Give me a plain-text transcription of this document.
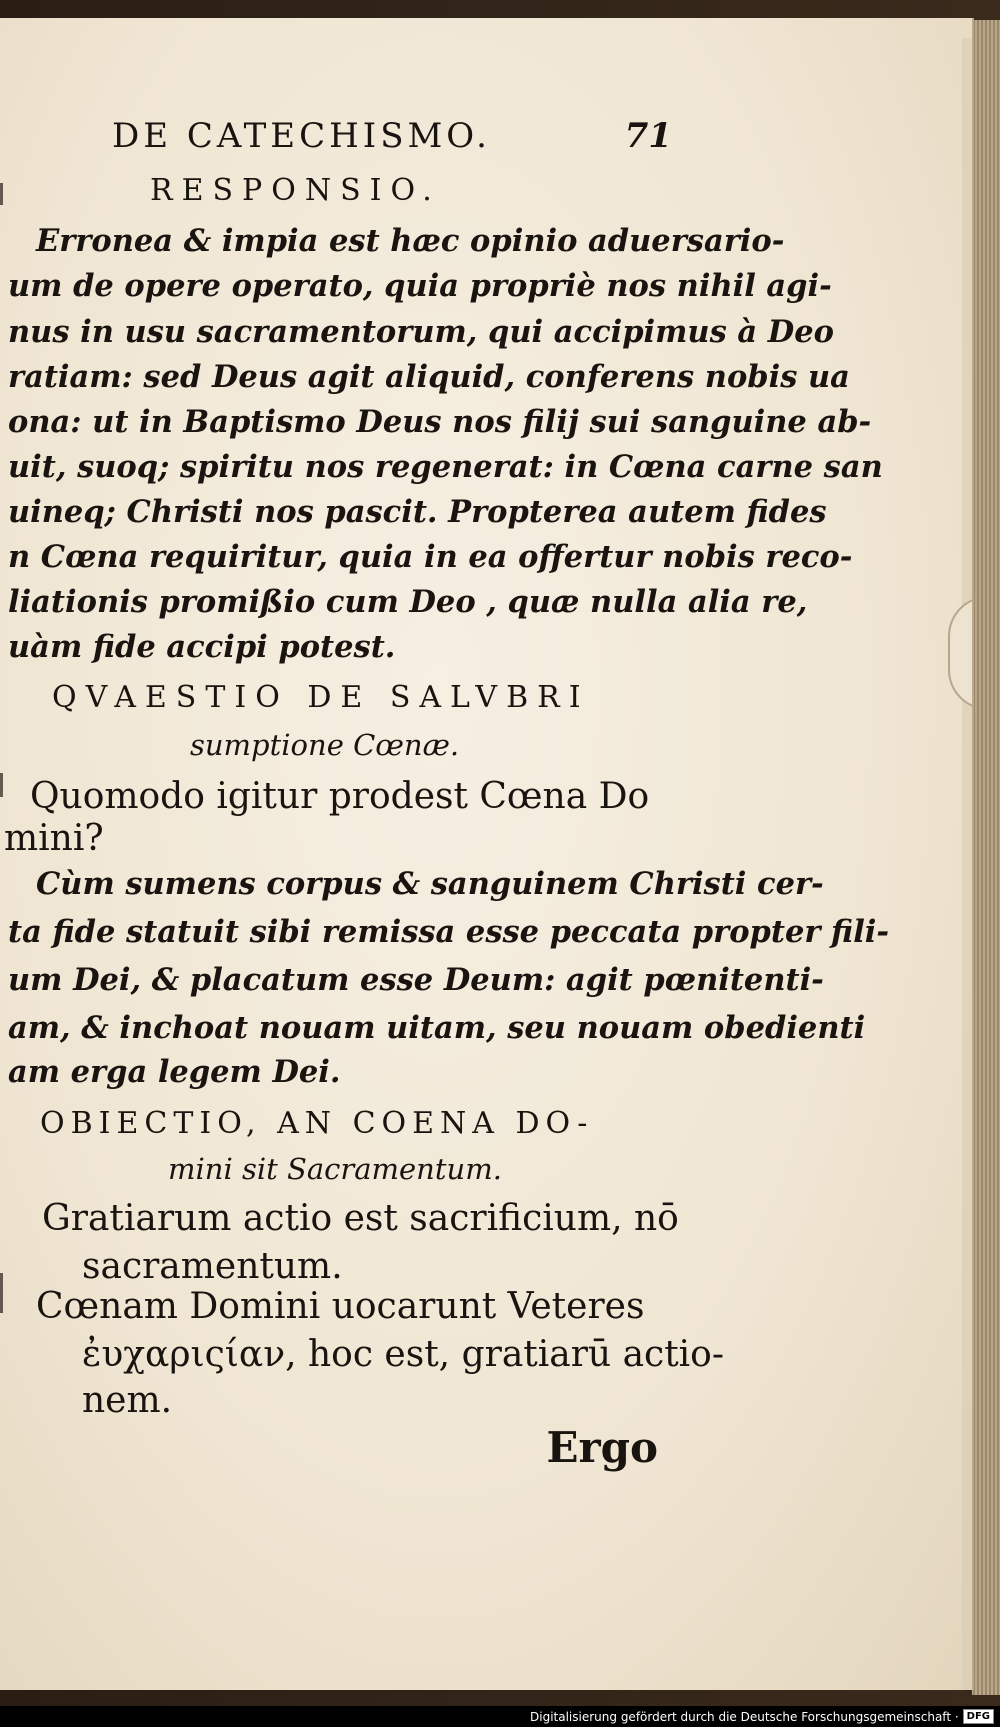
DE CATECHISMO.	71
RESPONSIO.
Erronea & impia est hæc opinio aduersario-
um de opere operato, quia propriè nos nihil agi-
nus in usu sacramentorum, qui accipimus à Deo
ratiam: sed Deus agit aliquid, conferens nobis ua
ona: ut in Baptismo Deus nos filij sui sanguine ab-
uit, suoq; spiritu nos regenerat: in Cœna carne san
uineq; Christi nos pascit. Propterea autem fides
n Cœna requiritur, quia in ea offertur nobis reco-
liationis promißio cum Deo , quæ nulla alia re,
uàm fide accipi potest.
QVAESTIO DE SALVBRI
sumptione Cœnæ.
Quomodo igitur prodest Cœna Do
mini?
Cùm sumens corpus & sanguinem Christi cer-
ta fide statuit sibi remissa esse peccata propter fili-
um Dei, & placatum esse Deum: agit pœnitenti-
am, & inchoat nouam uitam, seu nouam obedienti
am erga legem Dei.
OBIECTIO, AN COENA DO-
mini sit Sacramentum.
Gratiarum actio est sacrificium, nō
sacramentum.
Cœnam Domini uocarunt Veteres
ἐυχαριςίαν, hoc est, gratiarū actio-
nem.
Ergo
Digitalisierung gefördert durch die Deutsche Forschungsgemeinschaft · DFG
